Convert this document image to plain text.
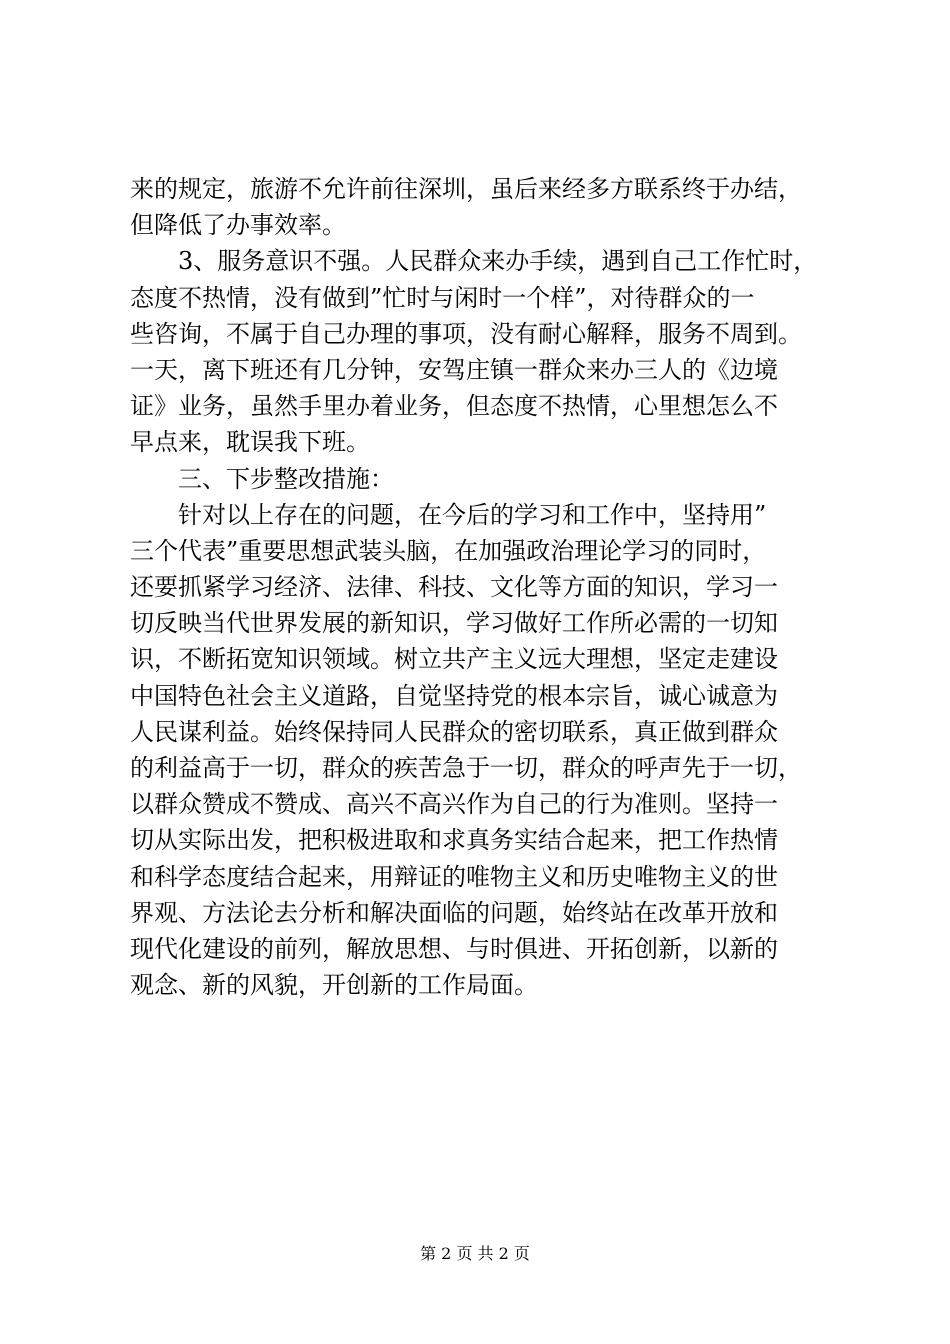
来的规定，旅游不允许前往深圳，虽后来经多方联系终于办结，
但降低了办事效率。
　　3、服务意识不强。人民群众来办手续，遇到自己工作忙时，
态度不热情，没有做到”忙时与闲时一个样”，对待群众的一
些咨询，不属于自己办理的事项，没有耐心解释，服务不周到。
一天，离下班还有几分钟，安驾庄镇一群众来办三人的《边境
证》业务，虽然手里办着业务，但态度不热情，心里想怎么不
早点来，耽误我下班。
　　三、下步整改措施：
　　针对以上存在的问题，在今后的学习和工作中，坚持用”
三个代表”重要思想武装头脑，在加强政治理论学习的同时，
还要抓紧学习经济、法律、科技、文化等方面的知识，学习一
切反映当代世界发展的新知识，学习做好工作所必需的一切知
识，不断拓宽知识领域。树立共产主义远大理想，坚定走建设
中国特色社会主义道路，自觉坚持党的根本宗旨，诚心诚意为
人民谋利益。始终保持同人民群众的密切联系，真正做到群众
的利益高于一切，群众的疾苦急于一切，群众的呼声先于一切，
以群众赞成不赞成、高兴不高兴作为自己的行为准则。坚持一
切从实际出发，把积极进取和求真务实结合起来，把工作热情
和科学态度结合起来，用辩证的唯物主义和历史唯物主义的世
界观、方法论去分析和解决面临的问题，始终站在改革开放和
现代化建设的前列，解放思想、与时俱进、开拓创新，以新的
观念、新的风貌，开创新的工作局面。
第 2 页 共 2 页
